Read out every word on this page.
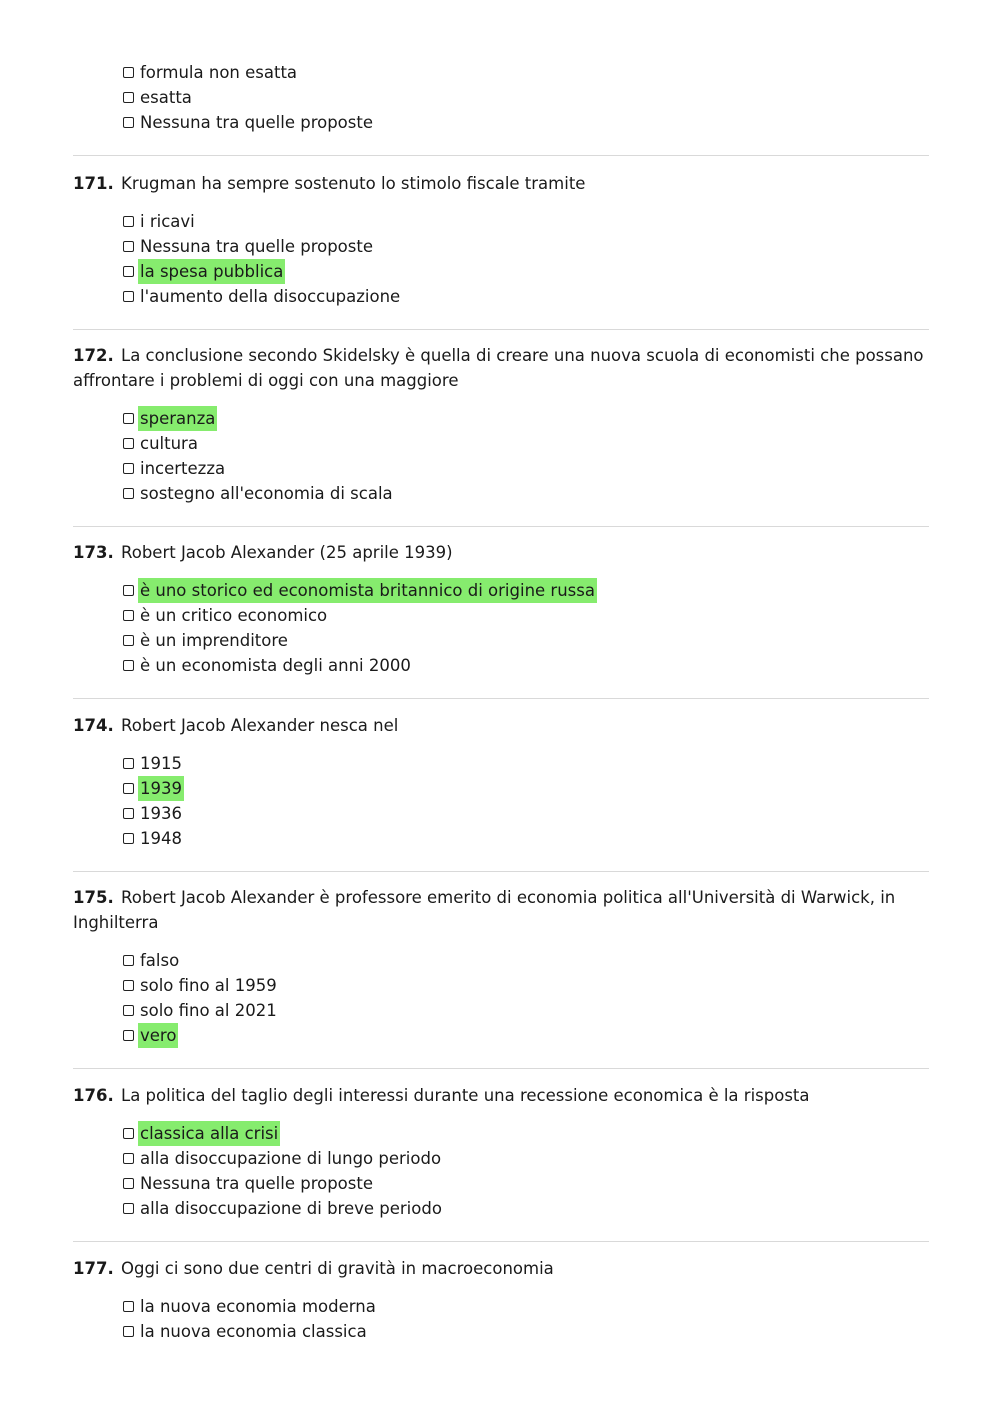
formula non esatta
esatta
Nessuna tra quelle proposte

171. Krugman ha sempre sostenuto lo stimolo fiscale tramite

i ricavi
Nessuna tra quelle proposte
la spesa pubblica
l'aumento della disoccupazione

172. La conclusione secondo Skidelsky è quella di creare una nuova scuola di economisti che possano affrontare i problemi di oggi con una maggiore

speranza
cultura
incertezza
sostegno all'economia di scala

173. Robert Jacob Alexander (25 aprile 1939)

è uno storico ed economista britannico di origine russa
è un critico economico
è un imprenditore
è un economista degli anni 2000

174. Robert Jacob Alexander nesca nel

1915
1939
1936
1948

175. Robert Jacob Alexander è professore emerito di economia politica all'Università di Warwick, in Inghilterra

falso
solo fino al 1959
solo fino al 2021
vero

176. La politica del taglio degli interessi durante una recessione economica è la risposta

classica alla crisi
alla disoccupazione di lungo periodo
Nessuna tra quelle proposte
alla disoccupazione di breve periodo

177. Oggi ci sono due centri di gravità in macroeconomia

la nuova economia moderna
la nuova economia classica
